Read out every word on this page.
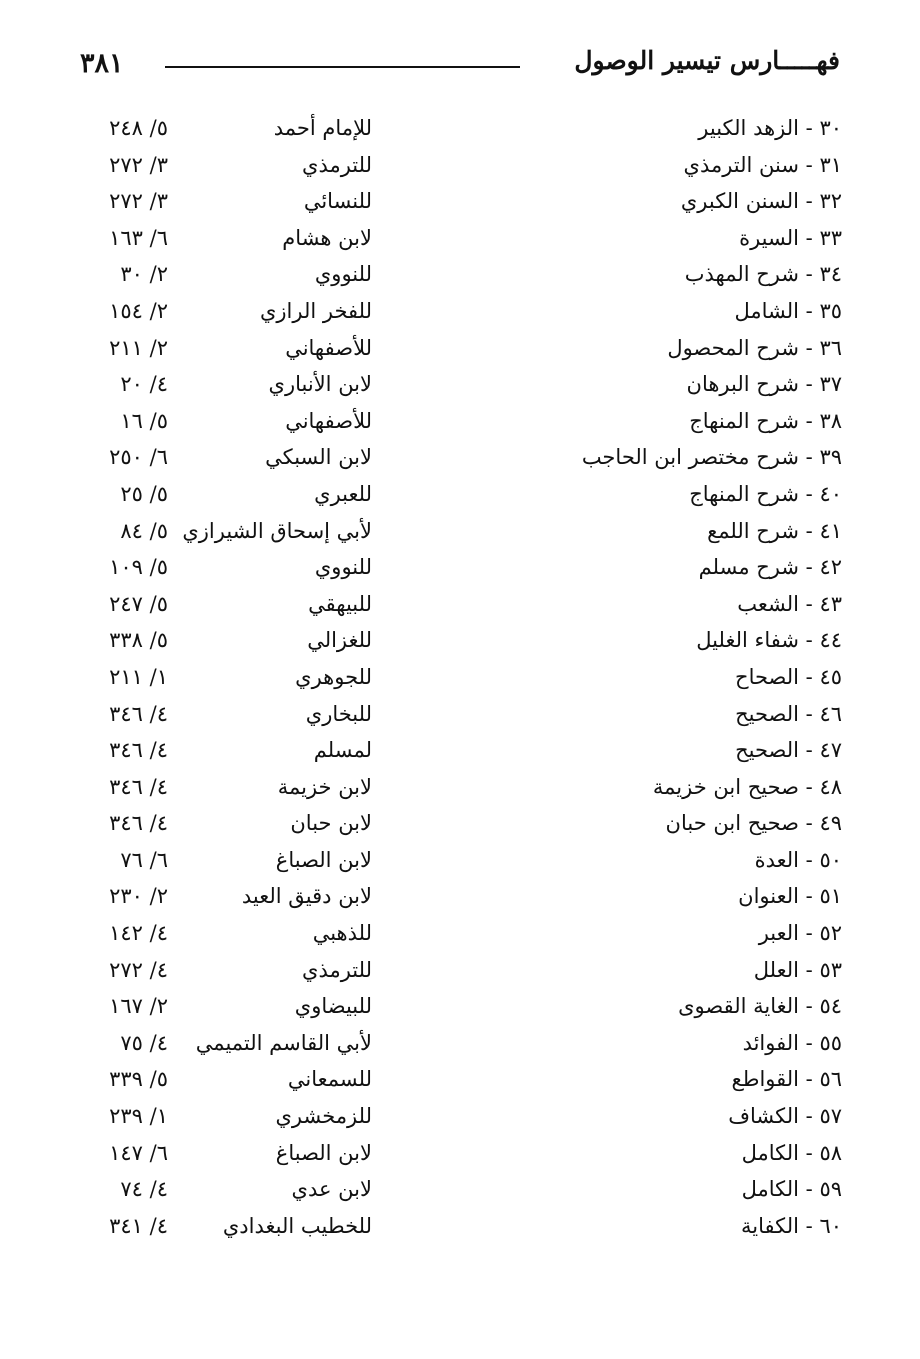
٣٨١	فهـــــارس تيسير الوصول
٣٠ - الزهد الكبير
للإمام أحمد
٥/ ٢٤٨
٣١ - سنن الترمذي
للترمذي
٣/ ٢٧٢
٣٢ - السنن الكبري
للنسائي
٣/ ٢٧٢
٣٣ - السيرة
لابن هشام
٦/ ١٦٣
٣٤ - شرح المهذب
للنووي
٢/ ٣٠
٣٥ - الشامل
للفخر الرازي
٢/ ١٥٤
٣٦ - شرح المحصول
للأصفهاني
٢/ ٢١١
٣٧ - شرح البرهان
لابن الأنباري
٤/ ٢٠
٣٨ - شرح المنهاج
للأصفهاني
٥/ ١٦
٣٩ - شرح مختصر ابن الحاجب
لابن السبكي
٦/ ٢٥٠
٤٠ - شرح المنهاج
للعبري
٥/ ٢٥
٤١ - شرح اللمع
لأبي إسحاق الشيرازي
٥/ ٨٤
٤٢ - شرح مسلم
للنووي
٥/ ١٠٩
٤٣ - الشعب
للبيهقي
٥/ ٢٤٧
٤٤ - شفاء الغليل
للغزالي
٥/ ٣٣٨
٤٥ - الصحاح
للجوهري
١/ ٢١١
٤٦ - الصحيح
للبخاري
٤/ ٣٤٦
٤٧ - الصحيح
لمسلم
٤/ ٣٤٦
٤٨ - صحيح ابن خزيمة
لابن خزيمة
٤/ ٣٤٦
٤٩ - صحيح ابن حبان
لابن حبان
٤/ ٣٤٦
٥٠ - العدة
لابن الصباغ
٦/ ٧٦
٥١ - العنوان
لابن دقيق العيد
٢/ ٢٣٠
٥٢ - العبر
للذهبي
٤/ ١٤٢
٥٣ - العلل
للترمذي
٤/ ٢٧٢
٥٤ - الغاية القصوى
للبيضاوي
٢/ ١٦٧
٥٥ - الفوائد
لأبي القاسم التميمي
٤/ ٧٥
٥٦ - القواطع
للسمعاني
٥/ ٣٣٩
٥٧ - الكشاف
للزمخشري
١/ ٢٣٩
٥٨ - الكامل
لابن الصباغ
٦/ ١٤٧
٥٩ - الكامل
لابن عدي
٤/ ٧٤
٦٠ - الكفاية
للخطيب البغدادي
٤/ ٣٤١
